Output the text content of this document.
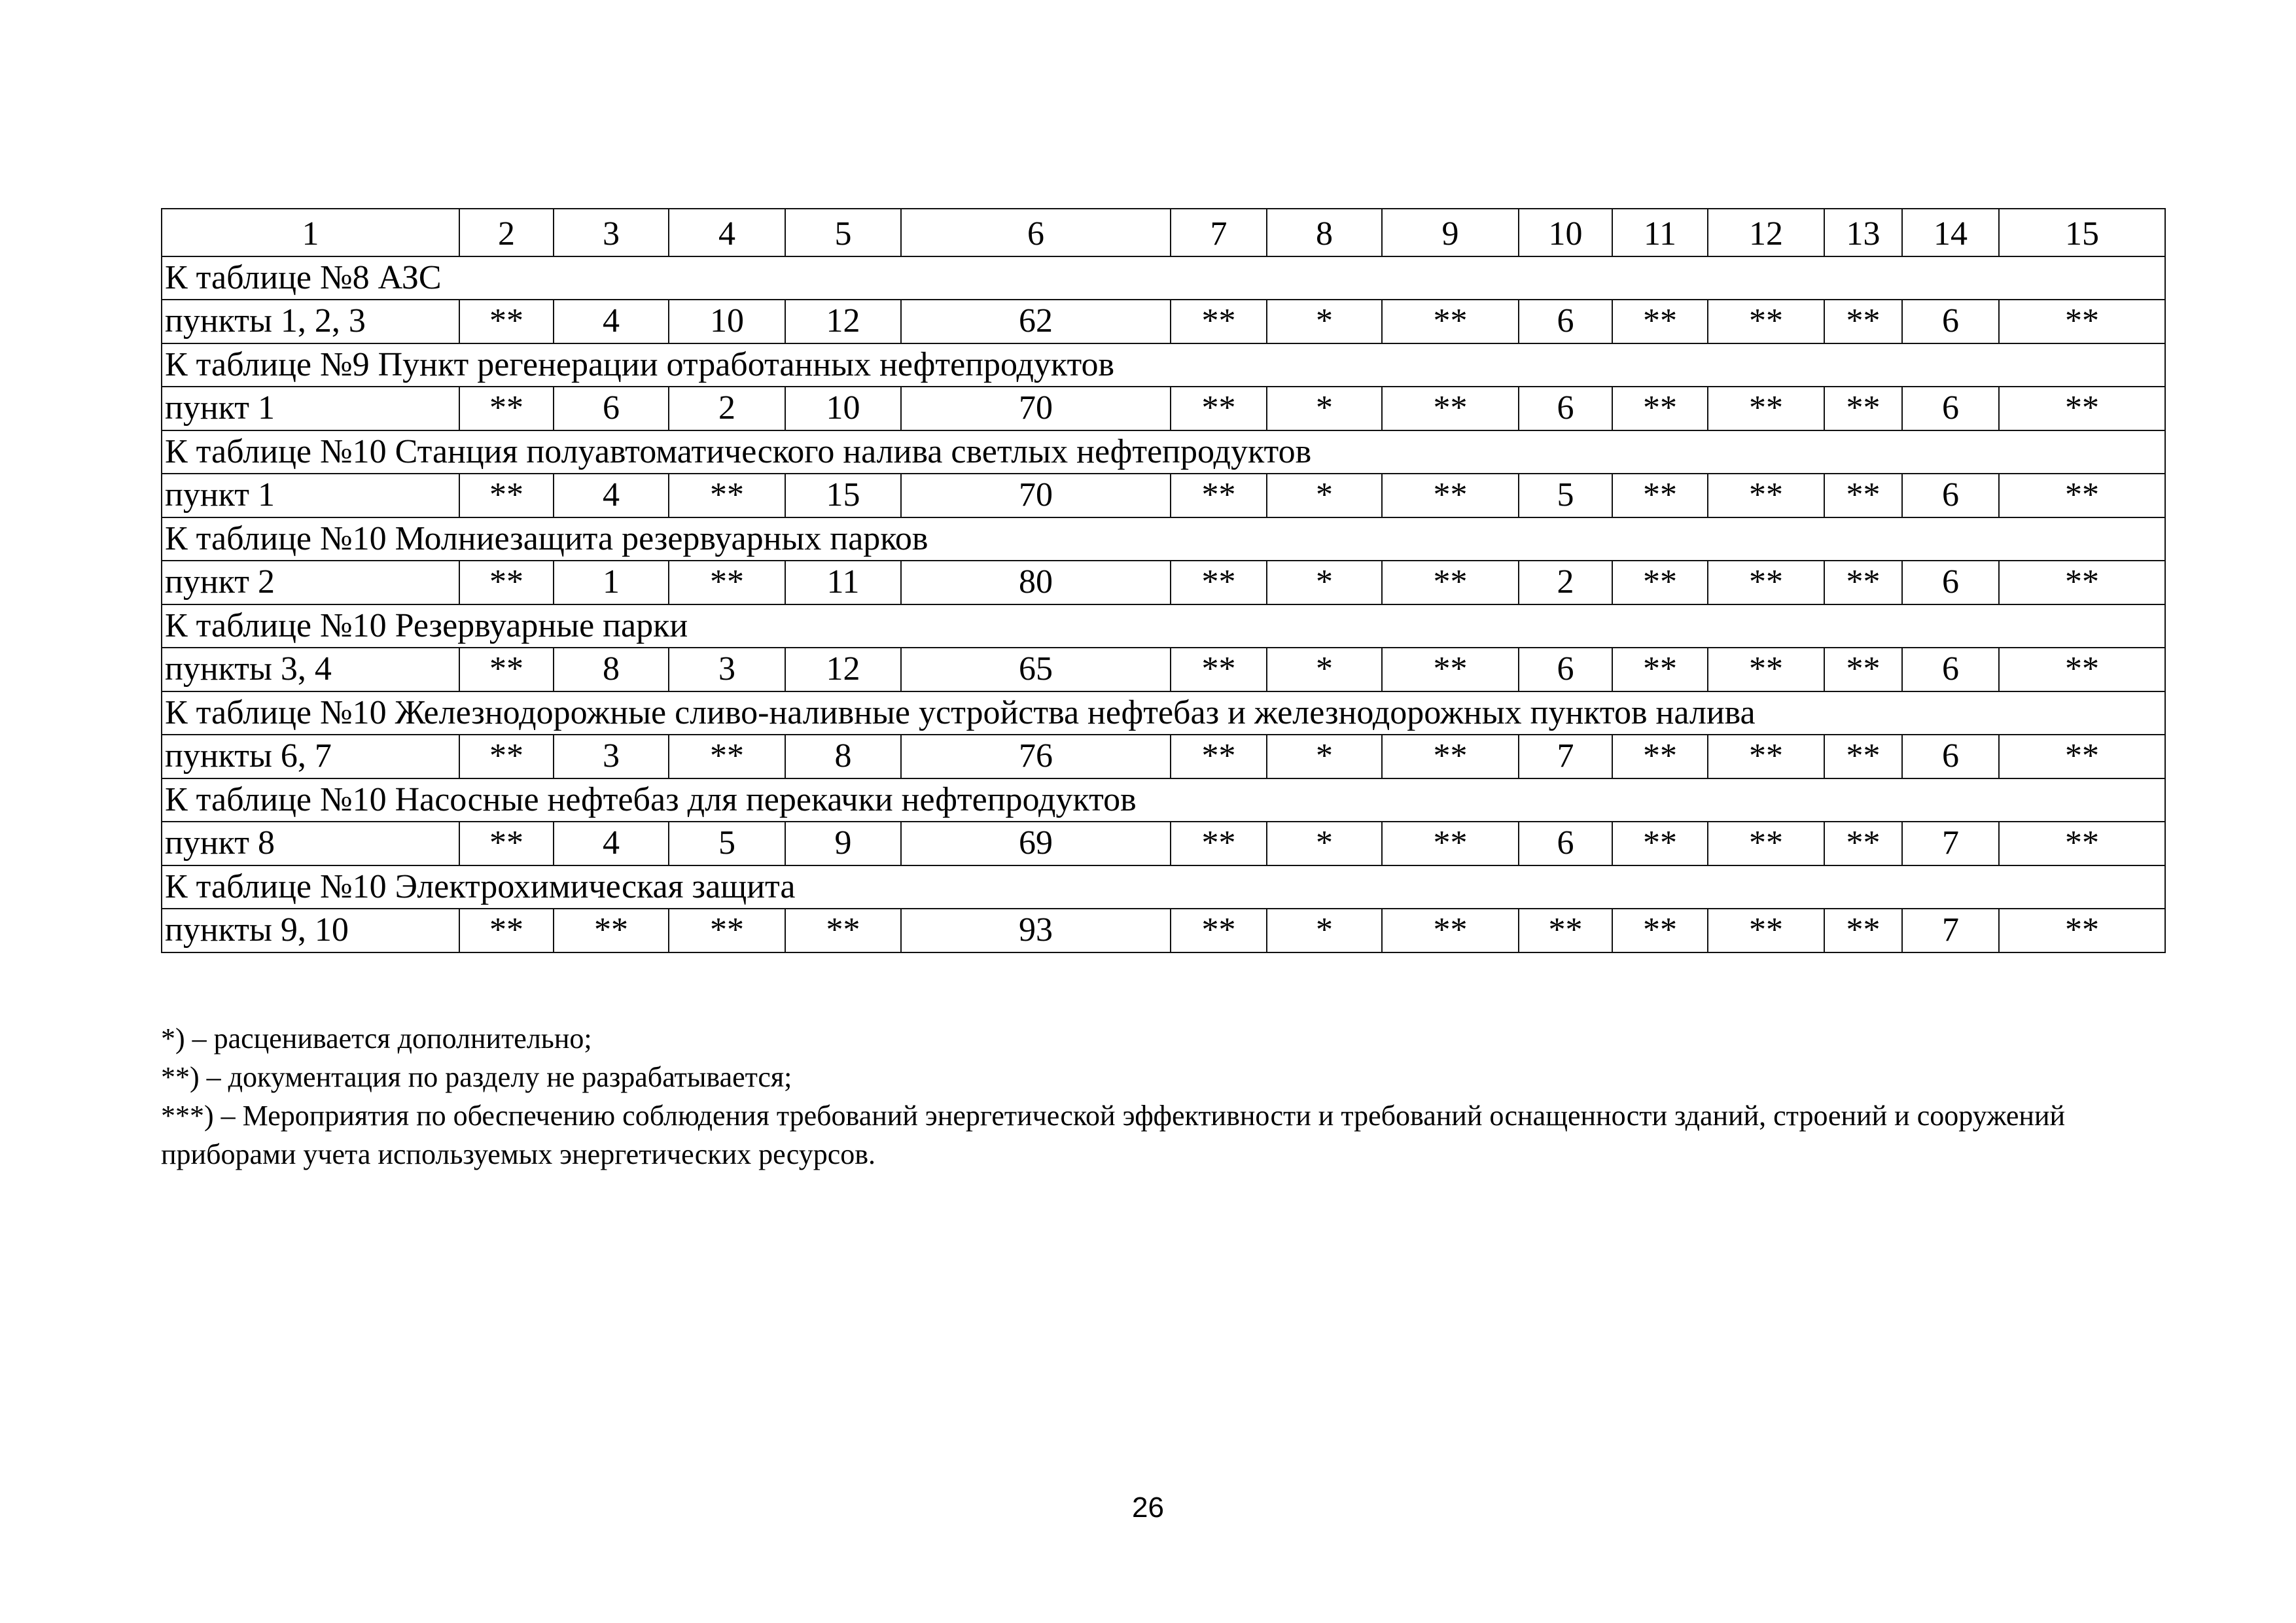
1	2	3	4	5	6	7	8	9	10	11	12	13	14	15
К таблице №8 АЗС														
пункты 1, 2, 3	**	4	10	12	62	**	*	**	6	**	**	**	6	**
К таблице №9 Пункт регенерации отработанных нефтепродуктов														
пункт 1	**	6	2	10	70	**	*	**	6	**	**	**	6	**
К таблице №10 Станция полуавтоматического налива светлых нефтепродуктов														
пункт 1	**	4	**	15	70	**	*	**	5	**	**	**	6	**
К таблице №10 Молниезащита резервуарных парков														
пункт 2	**	1	**	11	80	**	*	**	2	**	**	**	6	**
К таблице №10 Резервуарные парки														
пункты 3, 4	**	8	3	12	65	**	*	**	6	**	**	**	6	**
К таблице №10 Железнодорожные сливо-наливные устройства нефтебаз и железнодорожных пунктов налива														
пункты 6, 7	**	3	**	8	76	**	*	**	7	**	**	**	6	**
К таблице №10 Насосные нефтебаз для перекачки нефтепродуктов														
пункт 8	**	4	5	9	69	**	*	**	6	**	**	**	7	**
К таблице №10 Электрохимическая защита														
пункты 9, 10	**	**	**	**	93	**	*	**	**	**	**	**	7	**

*) – расценивается дополнительно;

**) – документация по разделу не разрабатывается;

***) – Мероприятия по обеспечению соблюдения требований энергетической эффективности и требований оснащенности зданий, строений и сооружений приборами учета используемых энергетических ресурсов.

26
